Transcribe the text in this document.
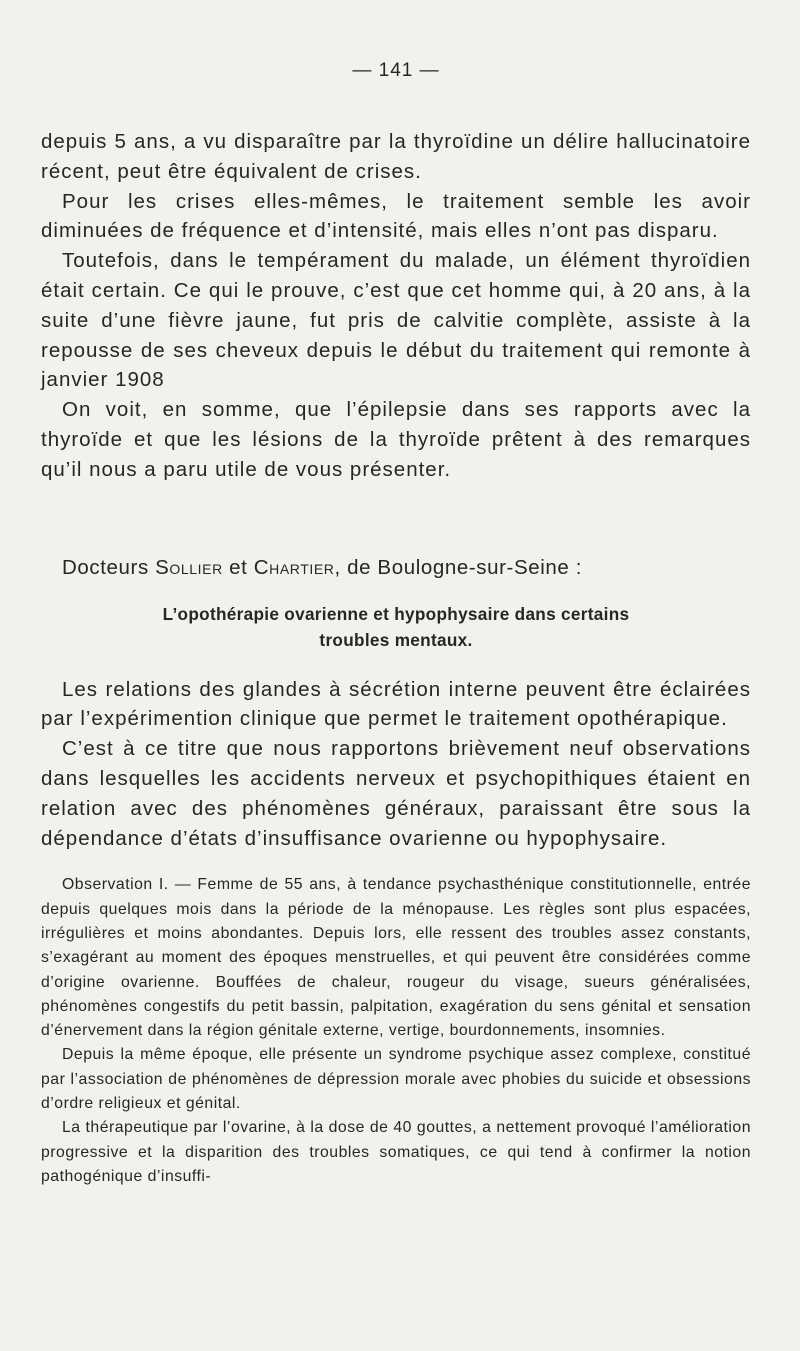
— 141 —

depuis 5 ans, a vu disparaître par la thyroïdine un délire hallucinatoire récent, peut être équivalent de crises.

Pour les crises elles-mêmes, le traitement semble les avoir diminuées de fréquence et d’intensité, mais elles n’ont pas disparu.

Toutefois, dans le tempérament du malade, un élément thyroïdien était certain. Ce qui le prouve, c’est que cet homme qui, à 20 ans, à la suite d’une fièvre jaune, fut pris de calvitie complète, assiste à la repousse de ses cheveux depuis le début du traitement qui remonte à janvier 1908

On voit, en somme, que l’épilepsie dans ses rapports avec la thyroïde et que les lésions de la thyroïde prêtent à des remarques qu’il nous a paru utile de vous présenter.

Docteurs Sollier et Chartier, de Boulogne-sur-Seine :
L’opothérapie ovarienne et hypophysaire dans certains
troubles mentaux.

Les relations des glandes à sécrétion interne peuvent être éclairées par l’expérimention clinique que permet le traitement opothérapique.

C’est à ce titre que nous rapportons brièvement neuf observations dans lesquelles les accidents nerveux et psychopithiques étaient en relation avec des phénomènes généraux, paraissant être sous la dépendance d’états d’insuffisance ovarienne ou hypophysaire.

Observation I. — Femme de 55 ans, à tendance psychasthénique constitutionnelle, entrée depuis quelques mois dans la période de la ménopause. Les règles sont plus espacées, irrégulières et moins abondantes. Depuis lors, elle ressent des troubles assez constants, s’exagérant au moment des époques menstruelles, et qui peuvent être considérées comme d’origine ovarienne. Bouffées de chaleur, rougeur du visage, sueurs généralisées, phénomènes congestifs du petit bassin, palpitation, exagération du sens génital et sensation d’énervement dans la région génitale externe, vertige, bourdonnements, insomnies.

Depuis la même époque, elle présente un syndrome psychique assez complexe, constitué par l’association de phénomènes de dépression morale avec phobies du suicide et obsessions d’ordre religieux et génital.

La thérapeutique par l’ovarine, à la dose de 40 gouttes, a nettement provoqué l’amélioration progressive et la disparition des troubles somatiques, ce qui tend à confirmer la notion pathogénique d’insuffi-
